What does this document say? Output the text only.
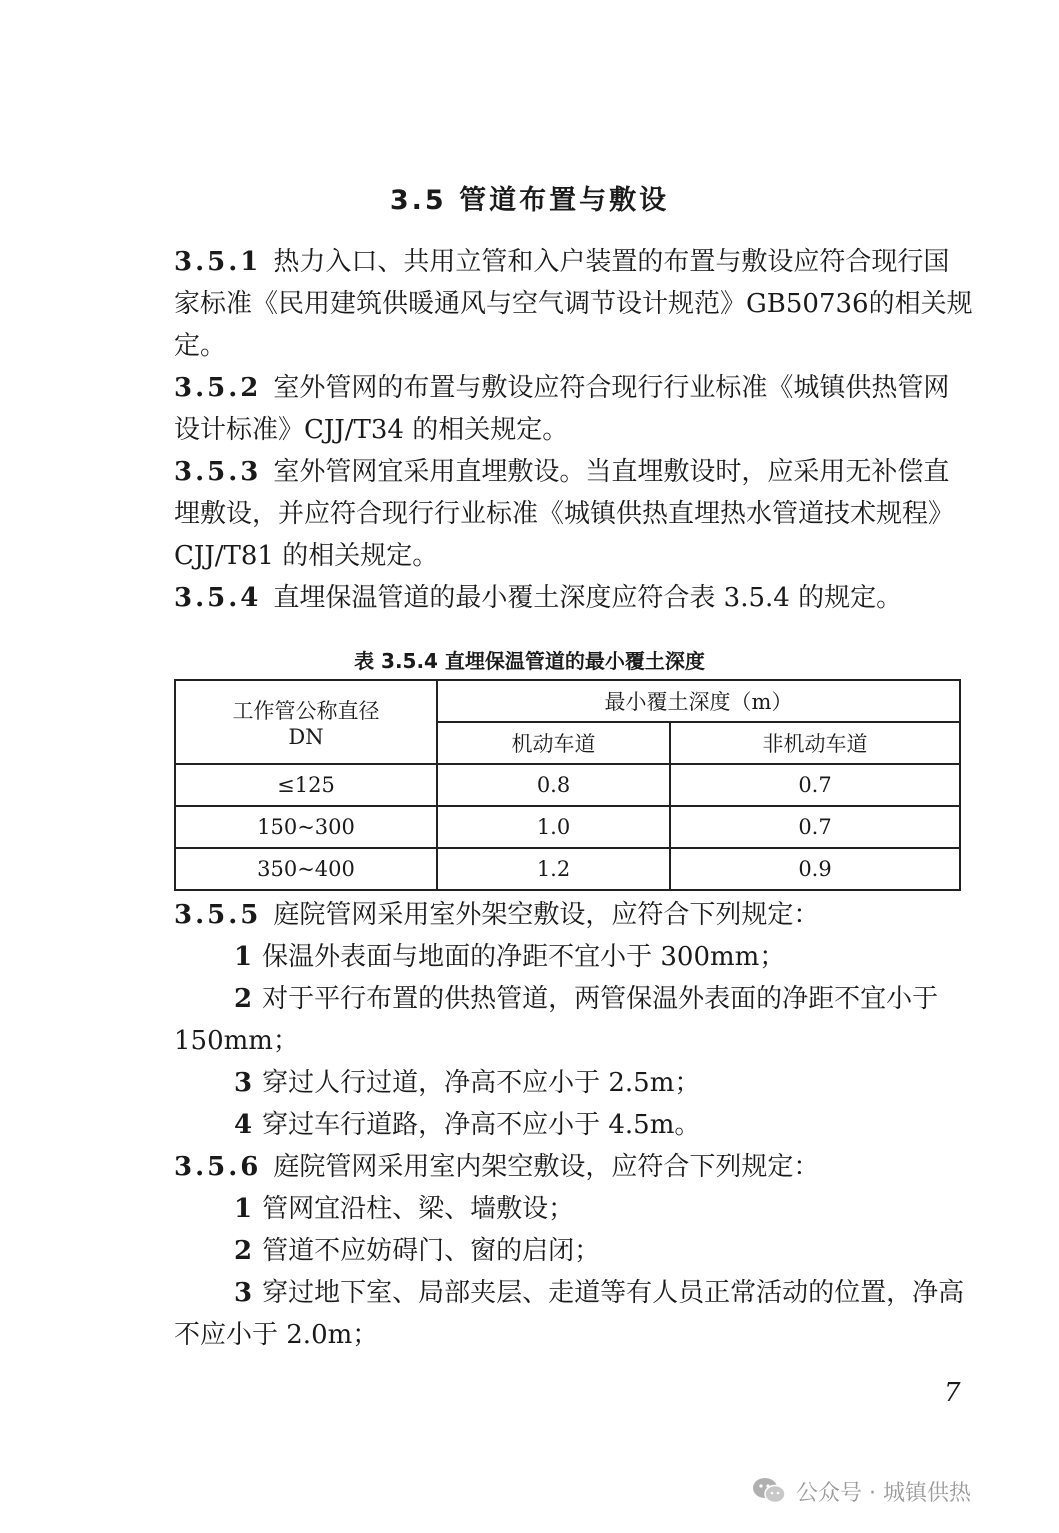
3.5 管道布置与敷设

3.5.1 热力入口、共用立管和入户装置的布置与敷设应符合现行国家标准《民用建筑供暖通风与空气调节设计规范》GB50736的相关规定。

3.5.2 室外管网的布置与敷设应符合现行行业标准《城镇供热管网设计标准》CJJ/T34 的相关规定。

3.5.3 室外管网宜采用直埋敷设。当直埋敷设时，应采用无补偿直埋敷设，并应符合现行行业标准《城镇供热直埋热水管道技术规程》CJJ/T81 的相关规定。

3.5.4 直埋保温管道的最小覆土深度应符合表 3.5.4 的规定。

表 3.5.4 直埋保温管道的最小覆土深度

工作管公称直径
DN	最小覆土深度（m）	
	机动车道	非机动车道
≤125	0.8	0.7
150~300	1.0	0.7
350~400	1.2	0.9

3.5.5 庭院管网采用室外架空敷设，应符合下列规定：

1 保温外表面与地面的净距不宜小于 300mm；

2 对于平行布置的供热管道，两管保温外表面的净距不宜小于 150mm；

3 穿过人行过道，净高不应小于 2.5m；

4 穿过车行道路，净高不应小于 4.5m。

3.5.6 庭院管网采用室内架空敷设，应符合下列规定：

1 管网宜沿柱、梁、墙敷设；

2 管道不应妨碍门、窗的启闭；

3 穿过地下室、局部夹层、走道等有人员正常活动的位置，净高不应小于 2.0m；

7
公众号 · 城镇供热
